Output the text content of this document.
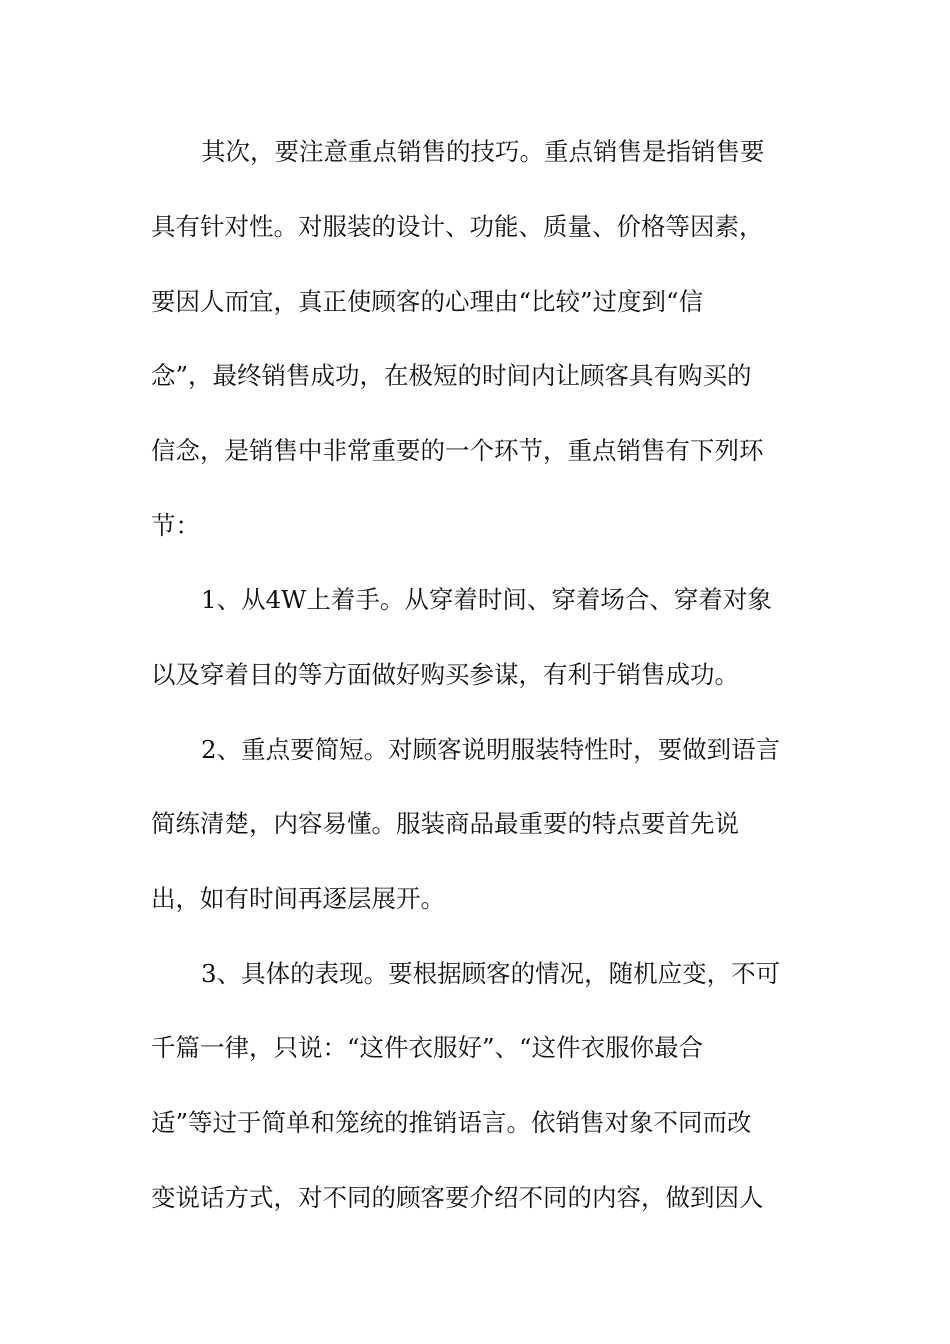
其次，要注意重点销售的技巧。重点销售是指销售要
具有针对性。对服装的设计、功能、质量、价格等因素，
要因人而宜，真正使顾客的心理由“比较”过度到“信
念”，最终销售成功，在极短的时间内让顾客具有购买的
信念，是销售中非常重要的一个环节，重点销售有下列环
节：
1、从4W上着手。从穿着时间、穿着场合、穿着对象
以及穿着目的等方面做好购买参谋，有利于销售成功。
2、重点要简短。对顾客说明服装特性时，要做到语言
简练清楚，内容易懂。服装商品最重要的特点要首先说
出，如有时间再逐层展开。
3、具体的表现。要根据顾客的情况，随机应变，不可
千篇一律，只说：“这件衣服好”、“这件衣服你最合
适”等过于简单和笼统的推销语言。依销售对象不同而改
变说话方式，对不同的顾客要介绍不同的内容，做到因人
